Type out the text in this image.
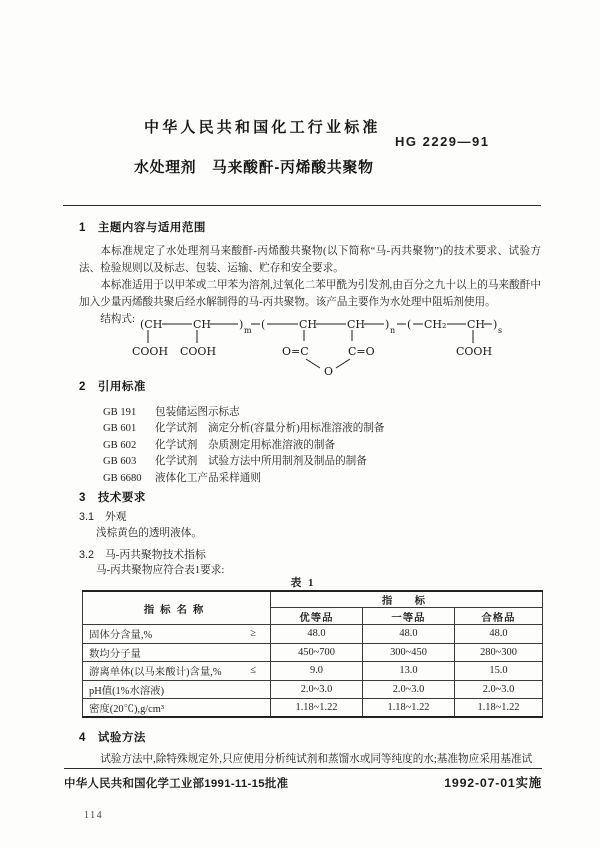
中华人民共和国化工行业标准
HG 2229—91
水处理剂　马来酸酐-丙烯酸共聚物
1　主题内容与适用范围

本标准规定了水处理剂马来酸酐-丙烯酸共聚物(以下简称“马-丙共聚物”)的技术要求、试验方法、检验规则以及标志、包装、运输、贮存和安全要求。

本标准适用于以甲苯或二甲苯为溶剂,过氧化二苯甲酰为引发剂,由百分之九十以上的马来酸酐中加入少量丙烯酸共聚后经水解制得的马-丙共聚物。该产品主要作为水处理中阻垢剂使用。

结构式: (CH	CH	) m (	CH	CH ) n ( CH₂ CH ) s
COOH COOH	O=C	C=O	COOH
O
2　引用标准
GB 191 包装储运图示标志
GB 601 化学试剂　滴定分析(容量分析)用标准溶液的制备
GB 602 化学试剂　杂质测定用标准溶液的制备
GB 603 化学试剂　试验方法中所用制剂及制品的制备
GB 6680 液体化工产品采样通则
3　技术要求
3.1 外观
浅棕黄色的透明液体。
3.2 马-丙共聚物技术指标
马-丙共聚物应符合表1要求:
表 1
指标名称	指　标		
	优等品	一等品	合格品

固体分含量,% ≥	48.0	48.0	48.0

数均分子量	450~700	300~450	280~300

游离单体(以马来酸计)含量,% ≤	9.0	13.0	15.0

pH值(1%水溶液)	2.0~3.0	2.0~3.0	2.0~3.0

密度(20℃),g/cm³	1.18~1.22	1.18~1.22	1.18~1.22
4　试验方法

试验方法中,除特殊规定外,只应使用分析纯试剂和蒸馏水或同等纯度的水;基准物应采用基准试

中华人民共和国化学工业部1991-11-15批准	1992-07-01实施
114
